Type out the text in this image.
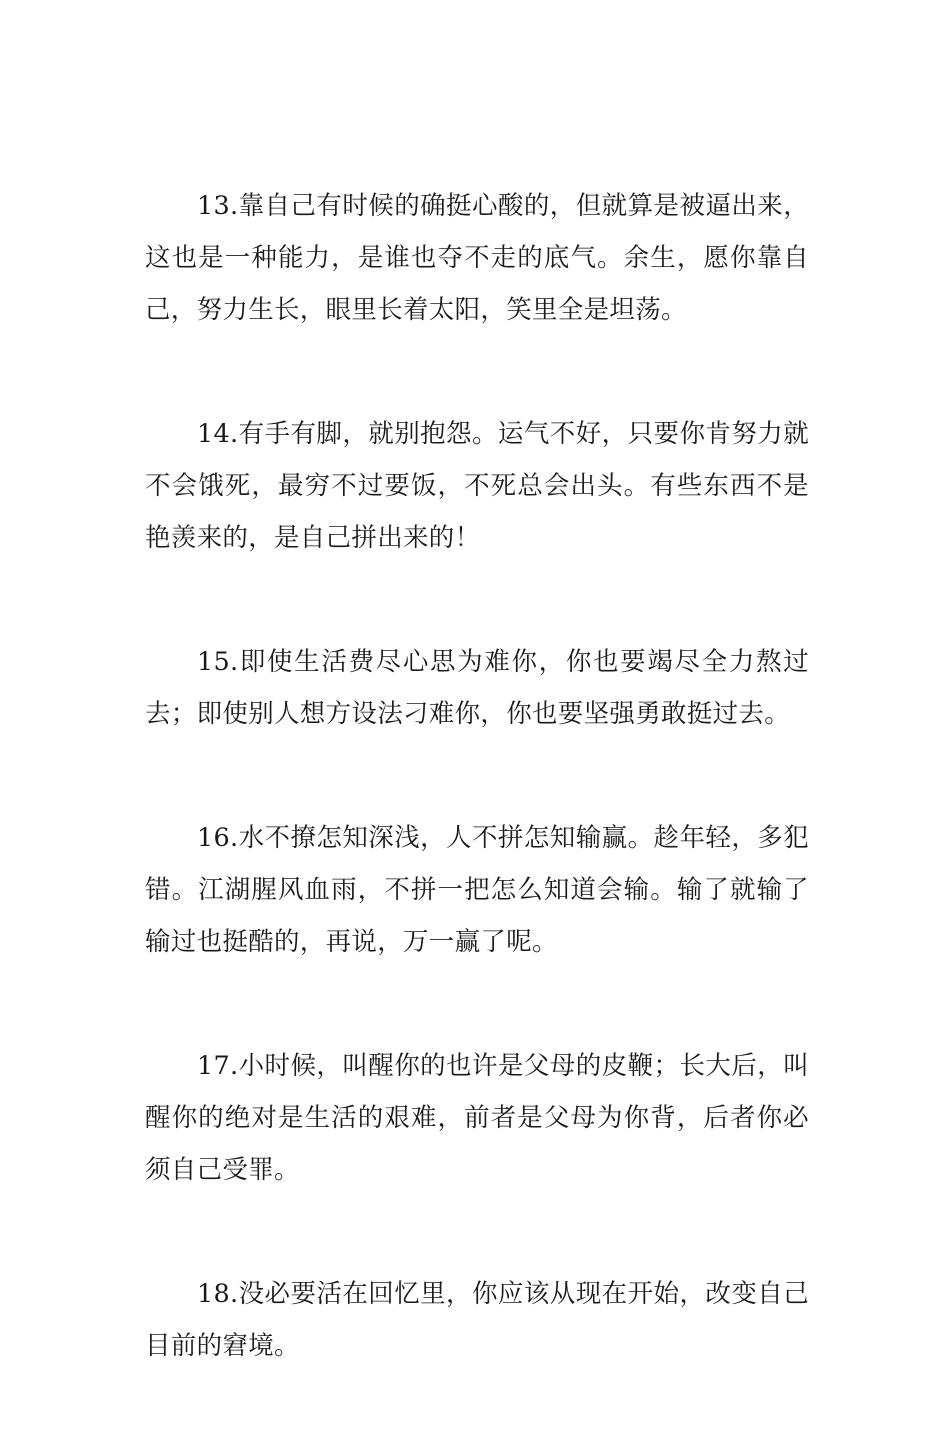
13.靠自己有时候的确挺心酸的，但就算是被逼出来，这也是一种能力，是谁也夺不走的底气。余生，愿你靠自己，努力生长，眼里长着太阳，笑里全是坦荡。

14.有手有脚，就别抱怨。运气不好，只要你肯努力就不会饿死，最穷不过要饭，不死总会出头。有些东西不是艳羡来的，是自己拼出来的！

15.即使生活费尽心思为难你，你也要竭尽全力熬过去；即使别人想方设法刁难你，你也要坚强勇敢挺过去。

16.水不撩怎知深浅，人不拼怎知输赢。趁年轻，多犯错。江湖腥风血雨，不拼一把怎么知道会输。输了就输了输过也挺酷的，再说，万一赢了呢。

17.小时候，叫醒你的也许是父母的皮鞭；长大后，叫醒你的绝对是生活的艰难，前者是父母为你背，后者你必须自己受罪。

18.没必要活在回忆里，你应该从现在开始，改变自己目前的窘境。
